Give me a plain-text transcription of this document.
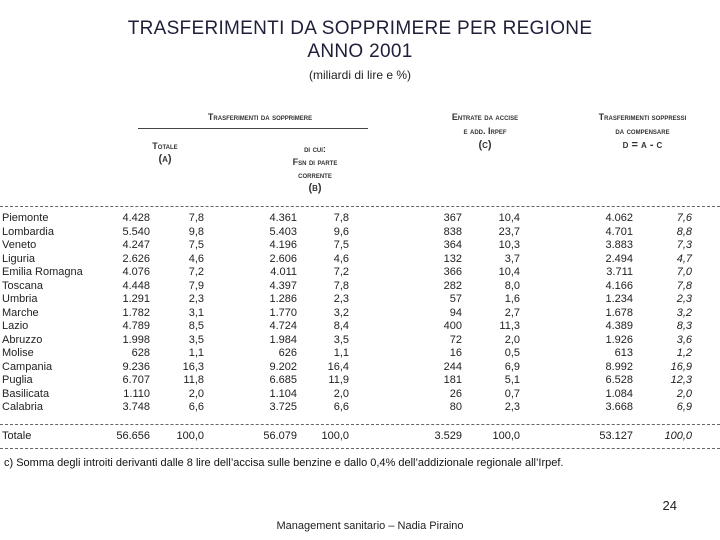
TRASFERIMENTI DA SOPPRIMERE PER REGIONE
ANNO 2001
(miliardi di lire e %)
Trasferimenti da sopprimere
Totale
(a)
di cui:
Fsn di parte
corrente
(b)
Entrate da accise
e add. Irpef
(c)
Trasferimenti soppressi
da compensare
d = a - c
Piemonte	4.428	7,8	4.361	7,8	367	10,4	4.062	7,6
Lombardia	5.540	9,8	5.403	9,6	838	23,7	4.701	8,8
Veneto	4.247	7,5	4.196	7,5	364	10,3	3.883	7,3
Liguria	2.626	4,6	2.606	4,6	132	3,7	2.494	4,7
Emilia Romagna	4.076	7,2	4.011	7,2	366	10,4	3.711	7,0
Toscana	4.448	7,9	4.397	7,8	282	8,0	4.166	7,8
Umbria	1.291	2,3	1.286	2,3	57	1,6	1.234	2,3
Marche	1.782	3,1	1.770	3,2	94	2,7	1.678	3,2
Lazio	4.789	8,5	4.724	8,4	400	11,3	4.389	8,3
Abruzzo	1.998	3,5	1.984	3,5	72	2,0	1.926	3,6
Molise	628	1,1	626	1,1	16	0,5	613	1,2
Campania	9.236	16,3	9.202	16,4	244	6,9	8.992	16,9
Puglia	6.707	11,8	6.685	11,9	181	5,1	6.528	12,3
Basilicata	1.110	2,0	1.104	2,0	26	0,7	1.084	2,0
Calabria	3.748	6,6	3.725	6,6	80	2,3	3.668	6,9
Totale	56.656 100,0	56.079 100,0	3.529	100,0	53.127	100,0
c) Somma degli introiti derivanti dalle 8 lire dell’accisa sulle benzine e dallo 0,4% dell’addizionale regionale all’Irpef.
24
Management sanitario – Nadia Piraino
